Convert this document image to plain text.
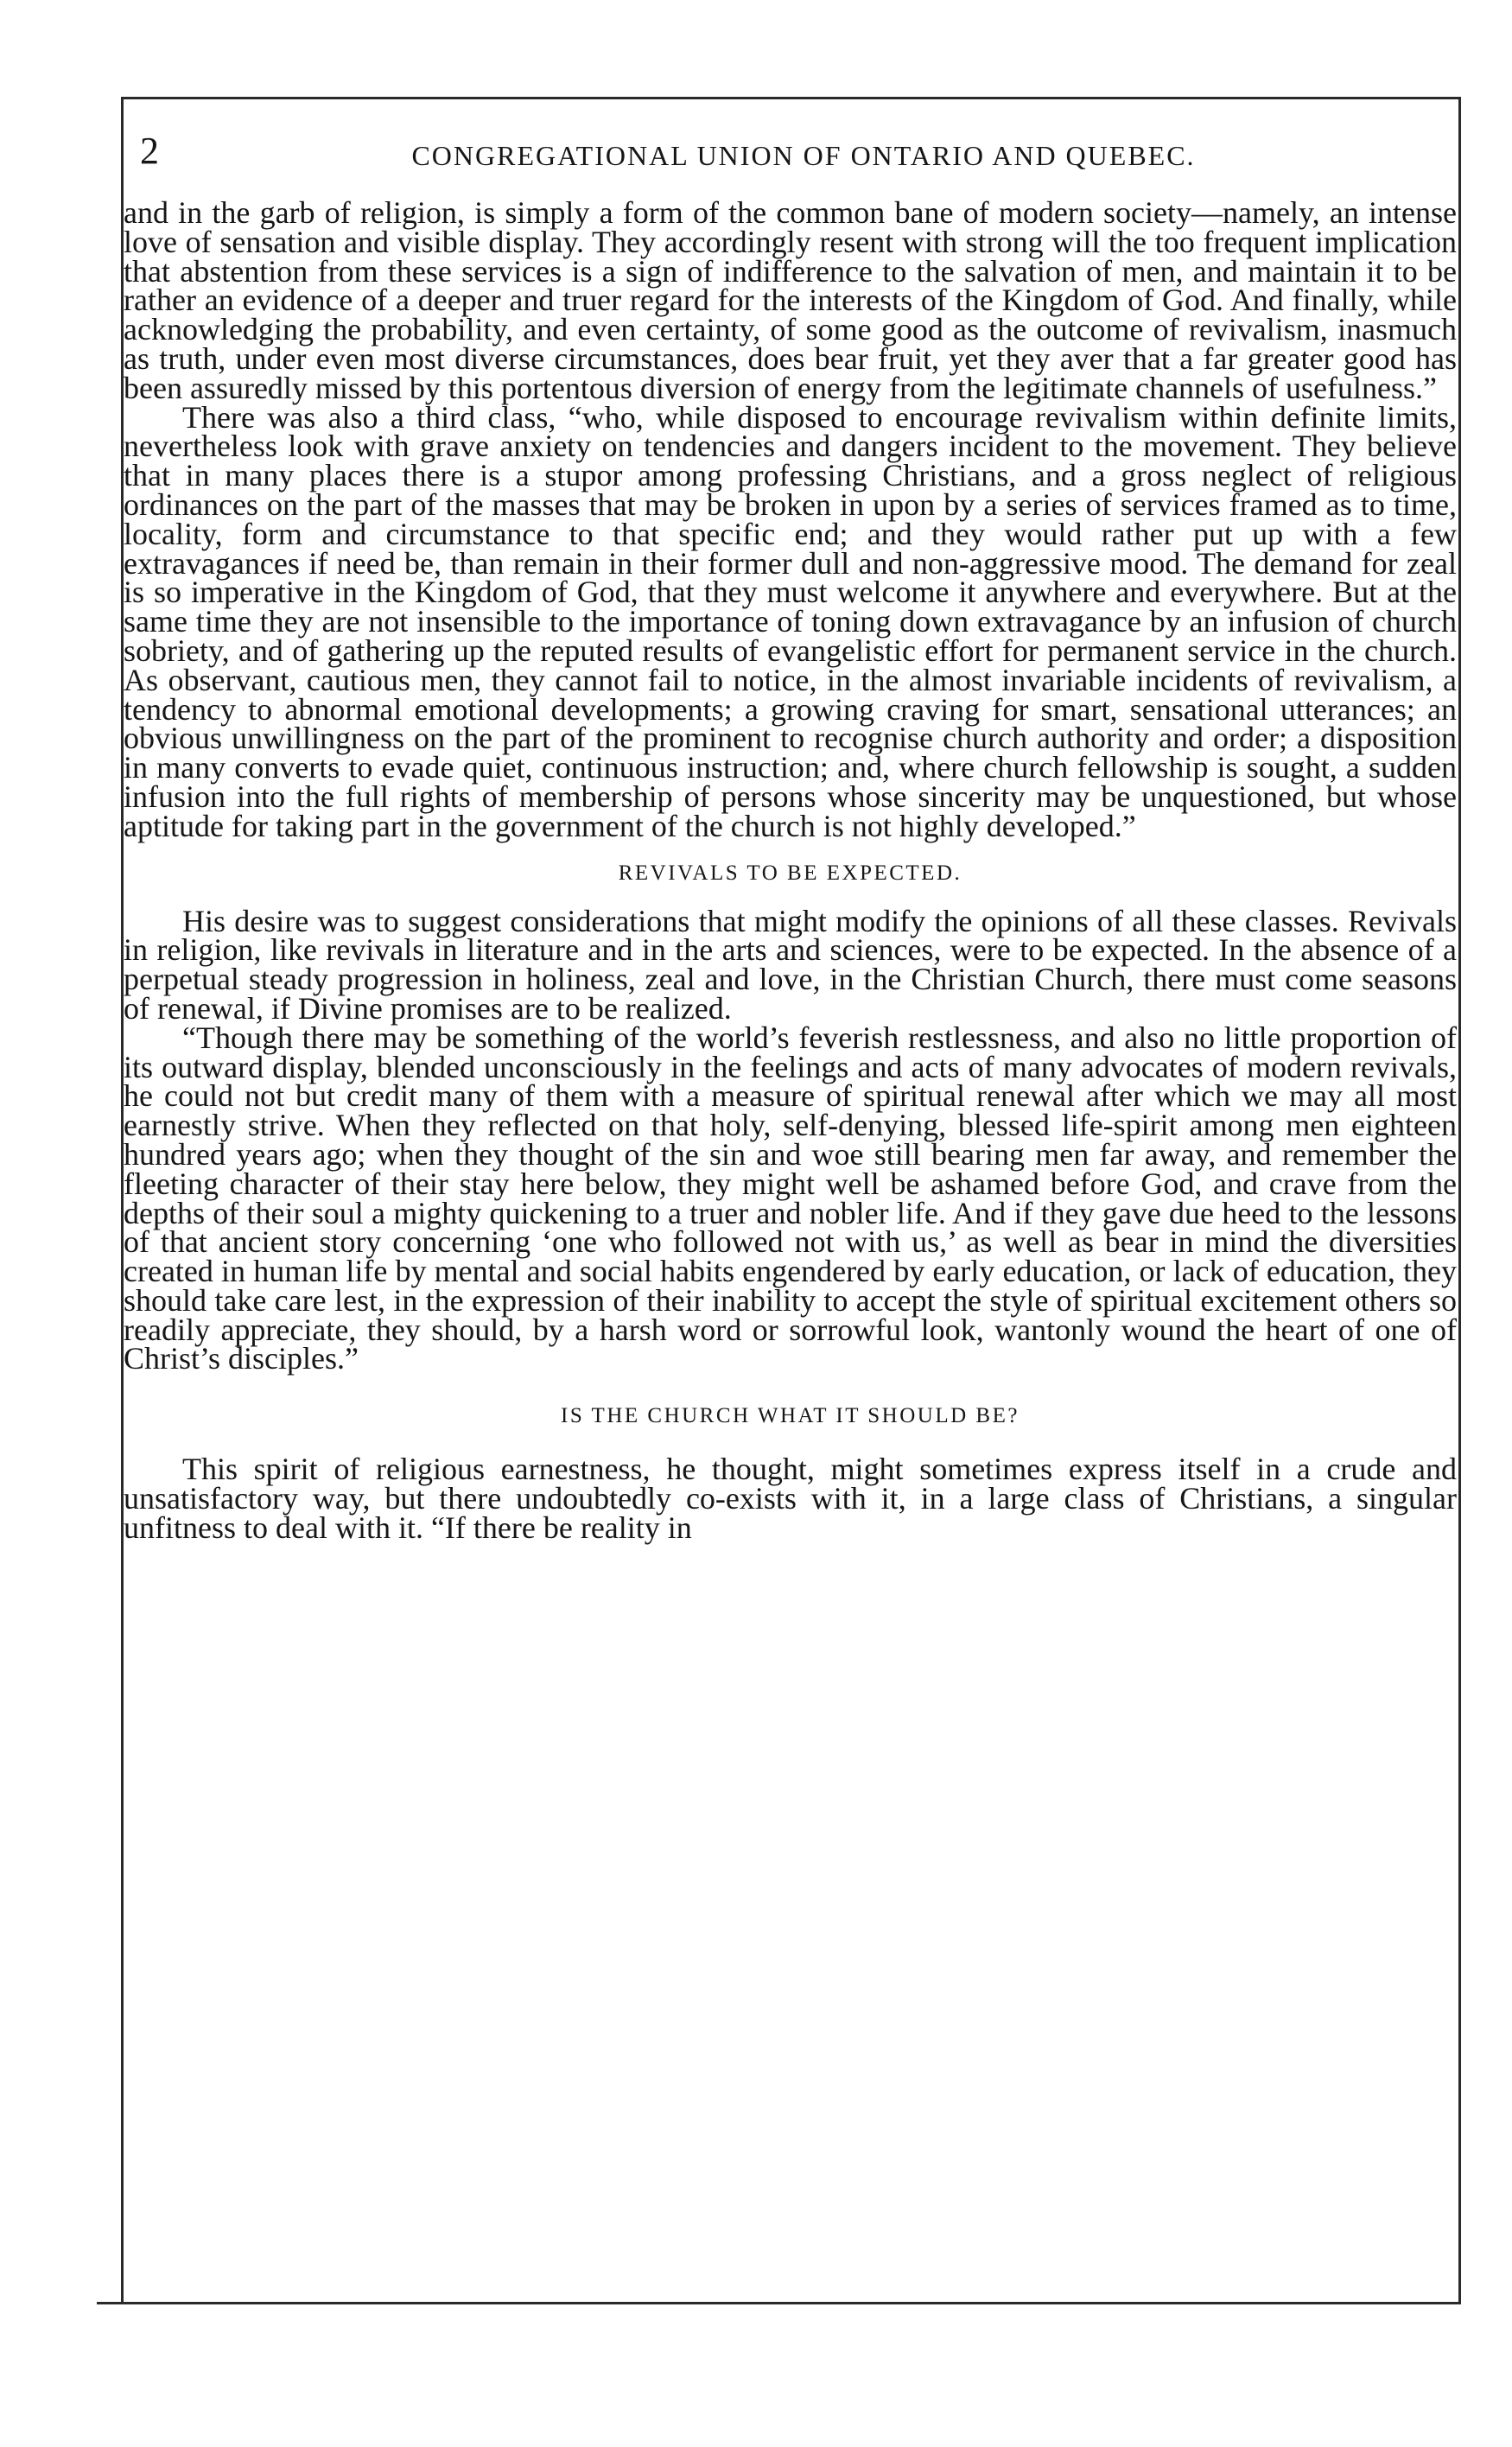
2	CONGREGATIONAL UNION OF ONTARIO AND QUEBEC.

and in the garb of religion, is simply a form of the common bane of modern society—namely, an intense love of sensation and visible display. They accordingly resent with strong will the too frequent implication that abstention from these services is a sign of indifference to the salvation of men, and maintain it to be rather an evidence of a deeper and truer regard for the interests of the Kingdom of God. And finally, while acknowledging the probability, and even certainty, of some good as the outcome of revivalism, inasmuch as truth, under even most diverse circumstances, does bear fruit, yet they aver that a far greater good has been assuredly missed by this portentous diversion of energy from the legitimate channels of usefulness.”

There was also a third class, “who, while disposed to encourage revivalism within definite limits, nevertheless look with grave anxiety on tendencies and dangers incident to the movement. They believe that in many places there is a stupor among professing Christians, and a gross neglect of religious ordinances on the part of the masses that may be broken in upon by a series of services framed as to time, locality, form and circumstance to that specific end; and they would rather put up with a few extravagances if need be, than remain in their former dull and non-aggressive mood. The demand for zeal is so imperative in the Kingdom of God, that they must welcome it anywhere and everywhere. But at the same time they are not insensible to the importance of toning down extravagance by an infusion of church sobriety, and of gathering up the reputed results of evangelistic effort for permanent service in the church. As observant, cautious men, they cannot fail to notice, in the almost invariable incidents of revivalism, a tendency to abnormal emotional developments; a growing craving for smart, sensational utterances; an obvious unwillingness on the part of the prominent to recognise church authority and order; a disposition in many converts to evade quiet, continuous instruction; and, where church fellowship is sought, a sudden infusion into the full rights of membership of persons whose sincerity may be unquestioned, but whose aptitude for taking part in the government of the church is not highly developed.”

REVIVALS TO BE EXPECTED.

His desire was to suggest considerations that might modify the opinions of all these classes. Revivals in religion, like revivals in literature and in the arts and sciences, were to be expected. In the absence of a perpetual steady progression in holiness, zeal and love, in the Christian Church, there must come seasons of renewal, if Divine promises are to be realized.

“Though there may be something of the world’s feverish restlessness, and also no little proportion of its outward display, blended unconsciously in the feelings and acts of many advocates of modern revivals, he could not but credit many of them with a measure of spiritual renewal after which we may all most earnestly strive. When they reflected on that holy, self-denying, blessed life-spirit among men eighteen hundred years ago; when they thought of the sin and woe still bearing men far away, and remember the fleeting character of their stay here below, they might well be ashamed before God, and crave from the depths of their soul a mighty quickening to a truer and nobler life. And if they gave due heed to the lessons of that ancient story concerning ‘one who followed not with us,’ as well as bear in mind the diversities created in human life by mental and social habits engendered by early education, or lack of education, they should take care lest, in the expression of their inability to accept the style of spiritual excitement others so readily appreciate, they should, by a harsh word or sorrowful look, wantonly wound the heart of one of Christ’s disciples.”

IS THE CHURCH WHAT IT SHOULD BE?

This spirit of religious earnestness, he thought, might sometimes express itself in a crude and unsatisfactory way, but there undoubtedly co-exists with it, in a large class of Christians, a singular unfitness to deal with it. “If there be reality in
